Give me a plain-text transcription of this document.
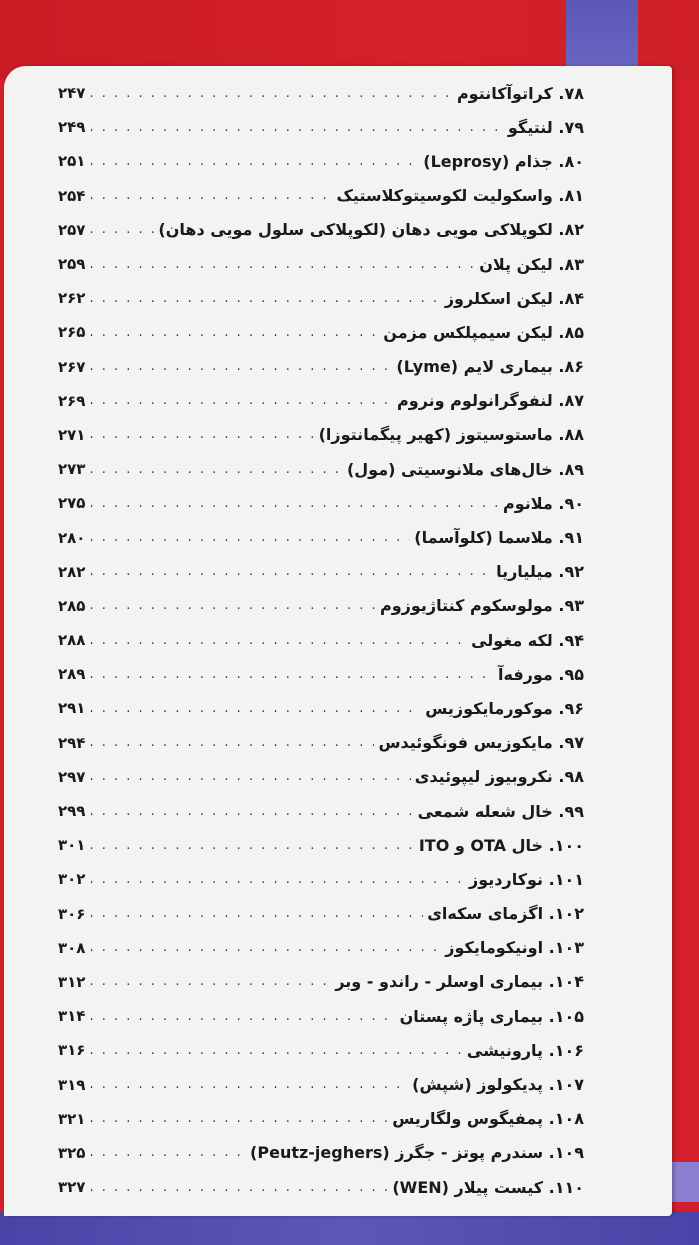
۷۸. کراتوآکانتوم
. . .
۲۴۷
۷۹. لنتیگو
. . .
۲۴۹
۸۰. جذام (Leprosy)
. . .
۲۵۱
۸۱. واسکولیت لکوسیتوکلاستیک
. . .
۲۵۴
۸۲. لکوپلاکی مویی دهان (لکوپلاکی سلول مویی دهان)
. . .
۲۵۷
۸۳. لیکن پلان
. . .
۲۵۹
۸۴. لیکن اسکلروز
. . .
۲۶۲
۸۵. لیکن سیمپلکس مزمن
. . .
۲۶۵
۸۶. بیماری لایم (Lyme)
. . .
۲۶۷
۸۷. لنفوگرانولوم ونروم
. . .
۲۶۹
۸۸. ماستوسیتوز (کهیر پیگمانتوزا)
. . .
۲۷۱
۸۹. خال‌های ملانوسیتی (مول)
. . .
۲۷۳
۹۰. ملانوم
. . .
۲۷۵
۹۱. ملاسما (کلوآسما)
. . .
۲۸۰
۹۲. میلیاریا
. . .
۲۸۲
۹۳. مولوسکوم کنتاژیوزوم
. . .
۲۸۵
۹۴. لکه مغولی
. . .
۲۸۸
۹۵. مورفه‌آ
. . .
۲۸۹
۹۶. موکورمایکوزیس
. . .
۲۹۱
۹۷. مایکوزیس فونگوئیدس
. . .
۲۹۴
۹۸. نکروبیوز لیپوئیدی
. . .
۲۹۷
۹۹. خال شعله شمعی
. . .
۲۹۹
۱۰۰. خال OTA و ITO
. . .
۳۰۱
۱۰۱. نوکاردیوز
. . .
۳۰۲
۱۰۲. اگزمای سکه‌ای
. . .
۳۰۶
۱۰۳. اونیکومایکوز
. . .
۳۰۸
۱۰۴. بیماری اوسلر - راندو - وبر
. . .
۳۱۲
۱۰۵. بیماری پاژه پستان
. . .
۳۱۴
۱۰۶. پارونیشی
. . .
۳۱۶
۱۰۷. پدیکولوز (شپش)
. . .
۳۱۹
۱۰۸. پمفیگوس ولگاریس
. . .
۳۲۱
۱۰۹. سندرم پوتز - جگرز (Peutz-jeghers)
. . .
۳۲۵
۱۱۰. کیست پیلار (WEN)
. . .
۳۲۷
